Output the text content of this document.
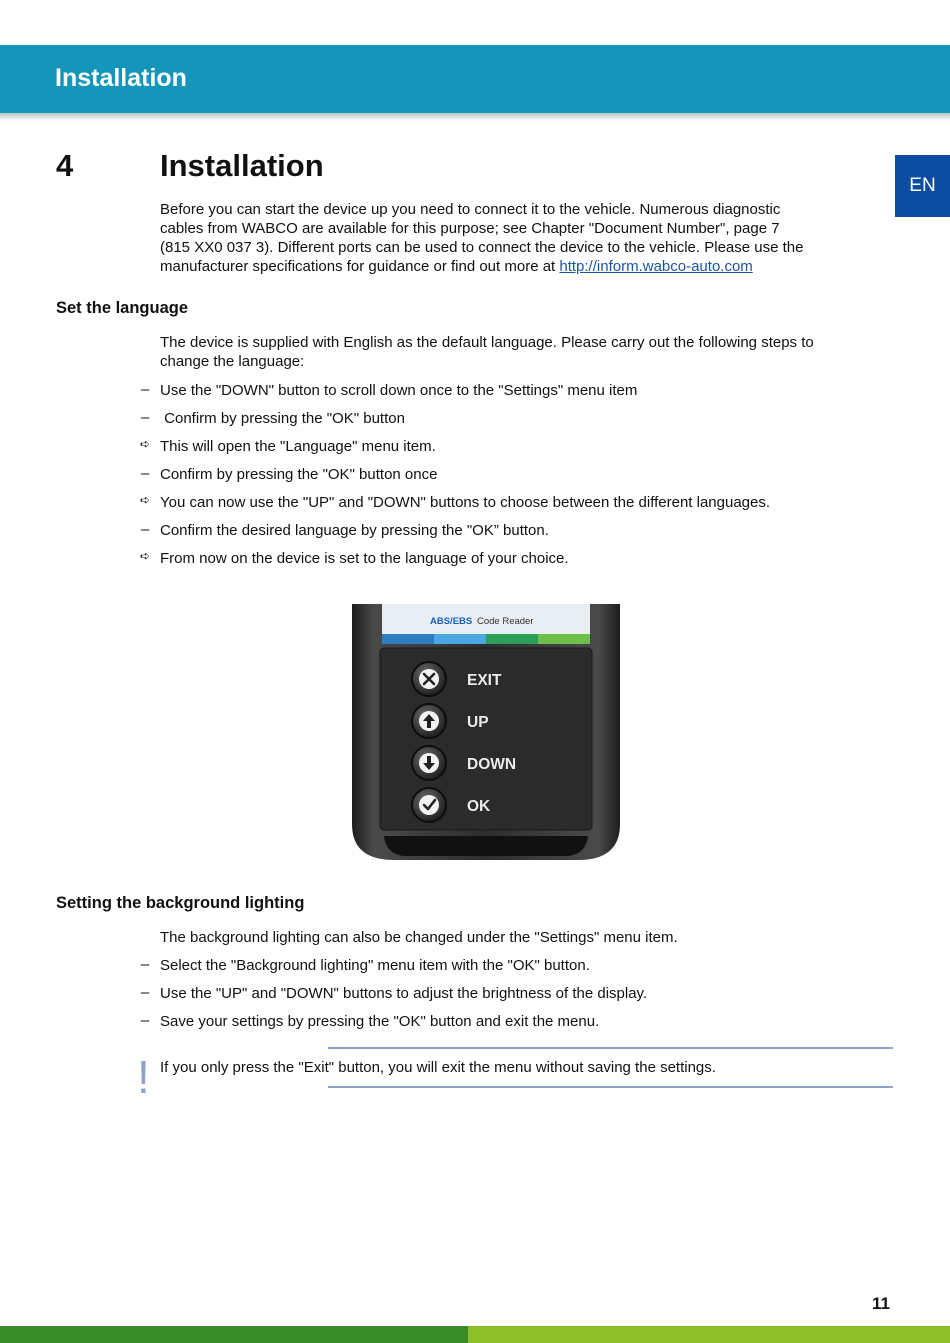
Installation
EN
4	Installation
Before you can start the device up you need to connect it to the vehicle. Numerous diagnostic
cables from WABCO are available for this purpose; see Chapter "Document Number", page 7
(815 XX0 037 3). Different ports can be used to connect the device to the vehicle. Please use the
manufacturer specifications for guidance or find out more at http://inform.wabco-auto.com
Set the language
The device is supplied with English as the default language. Please carry out the following steps to
change the language:
– Use the "DOWN" button to scroll down once to the "Settings" menu item
– Confirm by pressing the "OK" button
➪ This will open the "Language" menu item.
– Confirm by pressing the "OK" button once
➪ You can now use the "UP" and "DOWN" buttons to choose between the different languages.
– Confirm the desired language by pressing the "OK” button.
➪ From now on the device is set to the language of your choice.
ABS/EBS Code Reader
EXIT
UP
DOWN
OK
Setting the background lighting
The background lighting can also be changed under the "Settings" menu item.
– Select the "Background lighting" menu item with the "OK" button.
– Use the "UP" and "DOWN" buttons to adjust the brightness of the display.
– Save your settings by pressing the "OK" button and exit the menu.
! If you only press the "Exit" button, you will exit the menu without saving the settings.
11
